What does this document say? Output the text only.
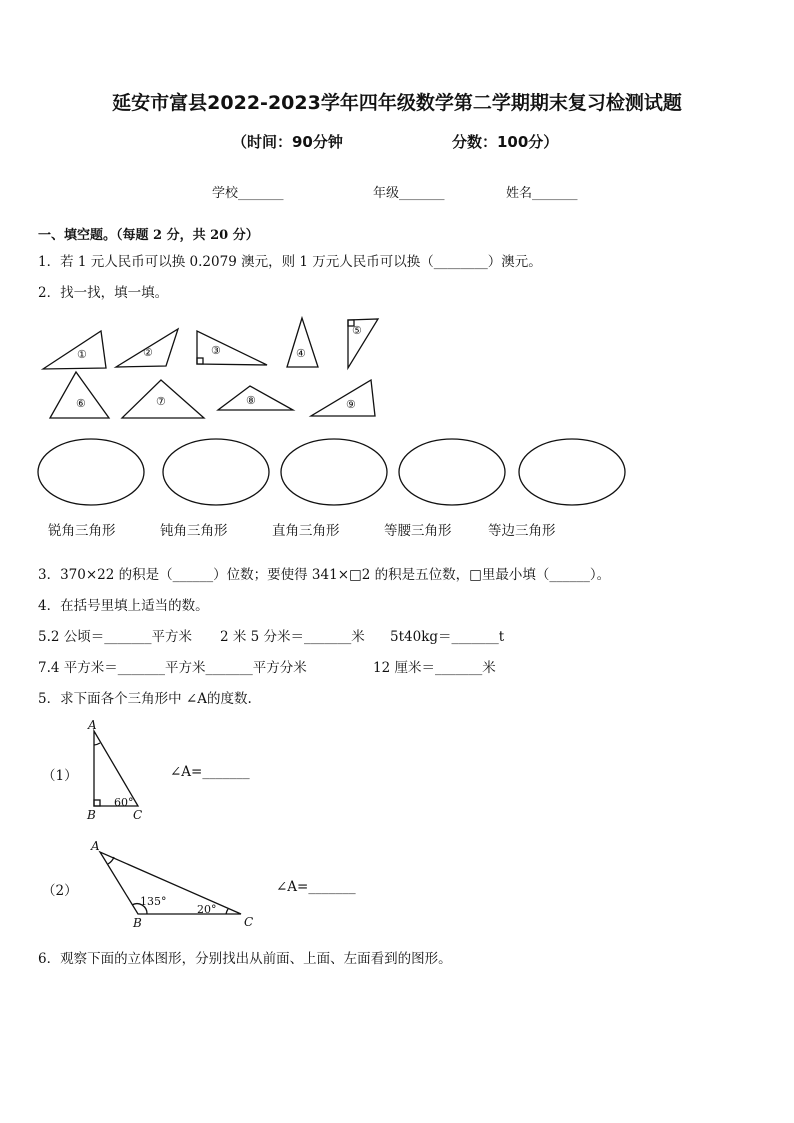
延安市富县2022-2023学年四年级数学第二学期期末复习检测试题
（时间：90分钟	分数：100分）
学校_______	年级_______	姓名_______
一、填空题。（每题 2 分，共 20 分）
1．若 1 元人民币可以换 0.2079 澳元，则 1 万元人民币可以换（________）澳元。
2．找一找，填一填。
①	②	③	④
⑤
⑥	⑦	⑧	⑨
锐角三角形	钝角三角形	直角三角形	等腰三角形	等边三角形
3．370×22 的积是（______）位数；要使得 341×□2 的积是五位数，□里最小填（______）。
4．在括号里填上适当的数。
5.2 公顷＝_______平方米 2 米 5 分米＝_______米 5t40kg＝_______t
7.4 平方米＝_______平方米_______平方分米	12 厘米＝_______米
5．求下面各个三角形中 ∠A的度数.
A
B	C
60°
（1）	∠A=_______
A
B	C
135°
20°
（2）	∠A=_______
6．观察下面的立体图形，分别找出从前面、上面、左面看到的图形。
